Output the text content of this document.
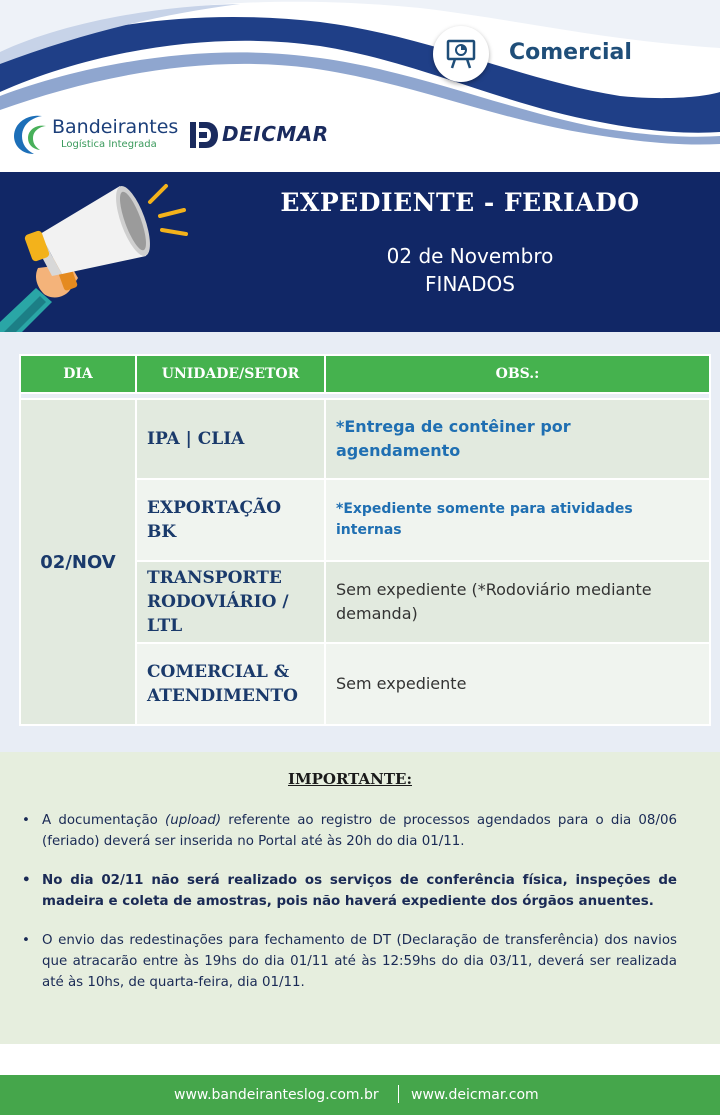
Comercial
Bandeirantes
Logística Integrada	DEICMAR
EXPEDIENTE - FERIADO
02 de Novembro
FINADOS
DIA	UNIDADE/SETOR	OBS.:

02/NOV	IPA | CLIA	*Entrega de contêiner por agendamento
	EXPORTAÇÃO BK	*Expediente somente para atividades internas
	TRANSPORTE RODOVIÁRIO / LTL	Sem expediente (*Rodoviário mediante demanda)
	COMERCIAL & ATENDIMENTO	Sem expediente
IMPORTANTE:
• A documentação (upload) referente ao registro de processos agendados para o dia 08/06 (feriado) deverá ser inserida no Portal até às 20h do dia 01/11.
• No dia 02/11 não será realizado os serviços de conferência física, inspeções de madeira e coleta de amostras, pois não haverá expediente dos órgãos anuentes.
• O envio das redestinações para fechamento de DT (Declaração de transferência) dos navios que atracarão entre às 19hs do dia 01/11 até às 12:59hs do dia 03/11, deverá ser realizada até às 10hs, de quarta-feira, dia 01/11.
www.bandeiranteslog.com.br www.deicmar.com
